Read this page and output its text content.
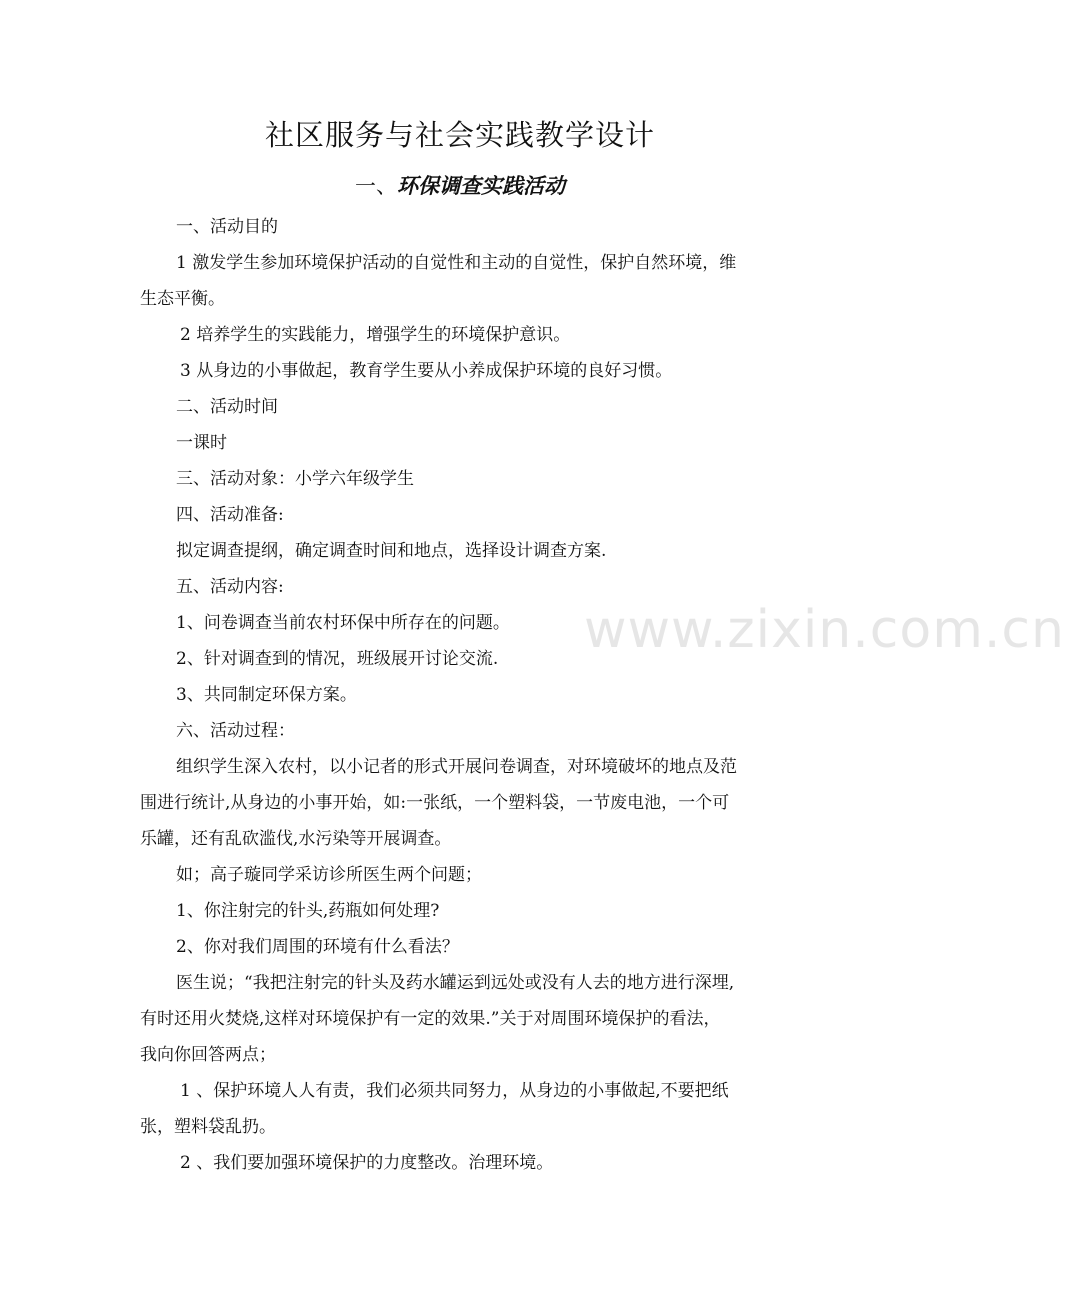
社区服务与社会实践教学设计
一、环保调查实践活动
www.zixin.com.cn
一、活动目的
1 激发学生参加环境保护活动的自觉性和主动的自觉性，保护自然环境，维
生态平衡。
2 培养学生的实践能力，增强学生的环境保护意识。
3 从身边的小事做起，教育学生要从小养成保护环境的良好习惯。
二、活动时间
一课时
三、活动对象：小学六年级学生
四、活动准备:
拟定调查提纲，确定调查时间和地点，选择设计调查方案.
五、活动内容:
1、问卷调查当前农村环保中所存在的问题。
2、针对调查到的情况，班级展开讨论交流.
3、共同制定环保方案。
六、活动过程：
组织学生深入农村，以小记者的形式开展问卷调查，对环境破坏的地点及范
围进行统计,从身边的小事开始，如:一张纸，一个塑料袋，一节废电池，一个可
乐罐，还有乱砍滥伐,水污染等开展调查。
如；高子璇同学采访诊所医生两个问题；
1、你注射完的针头,药瓶如何处理?
2、你对我们周围的环境有什么看法？
医生说；“我把注射完的针头及药水罐运到远处或没有人去的地方进行深埋,
有时还用火焚烧,这样对环境保护有一定的效果.”关于对周围环境保护的看法，
我向你回答两点；
1 、保护环境人人有责，我们必须共同努力，从身边的小事做起,不要把纸
张，塑料袋乱扔。
2 、我们要加强环境保护的力度整改。治理环境。
